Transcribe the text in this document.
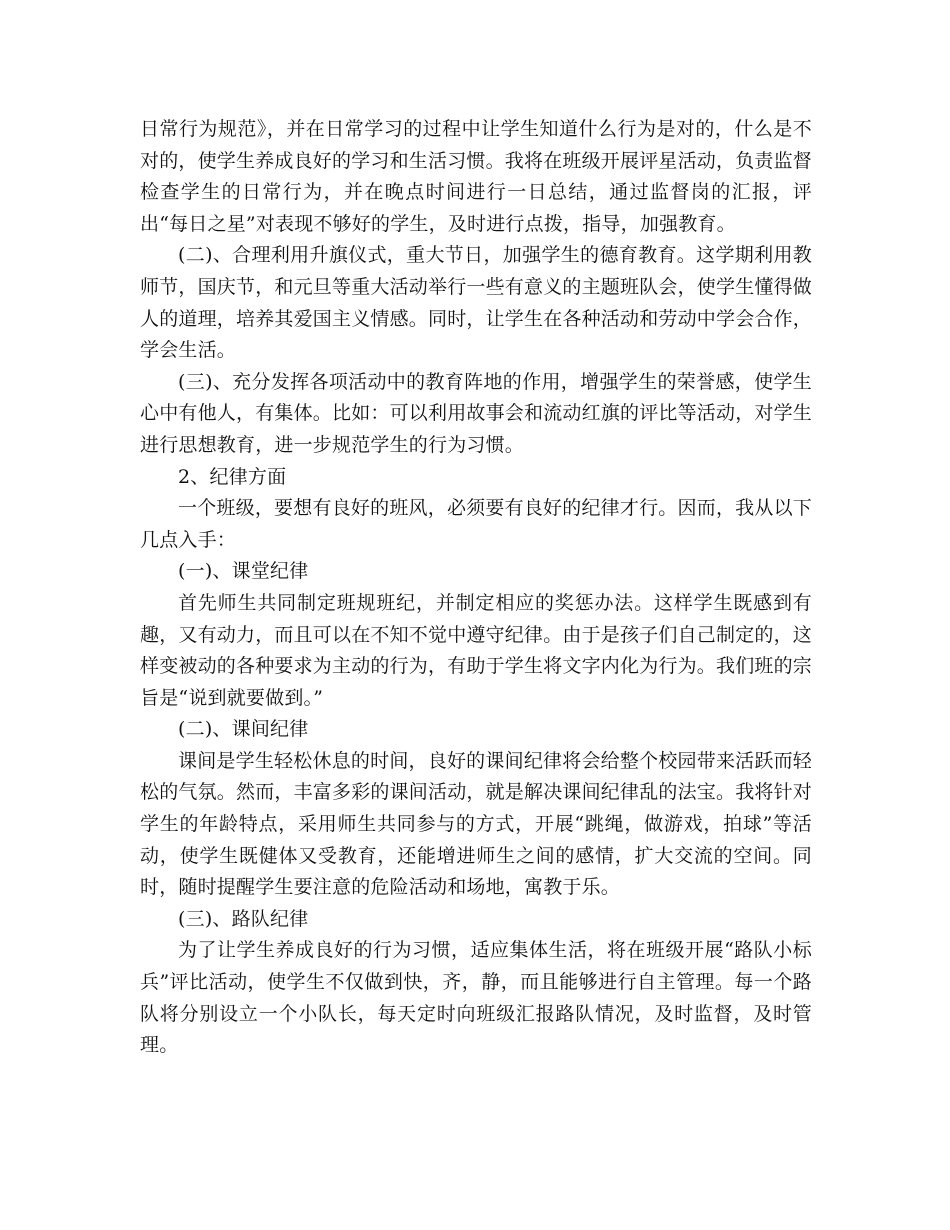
日常行为规范》，并在日常学习的过程中让学生知道什么行为是对的，什么是不对的，使学生养成良好的学习和生活习惯。我将在班级开展评星活动，负责监督检查学生的日常行为，并在晚点时间进行一日总结，通过监督岗的汇报，评出“每日之星”对表现不够好的学生，及时进行点拨，指导，加强教育。

(二)、合理利用升旗仪式，重大节日，加强学生的德育教育。这学期利用教师节，国庆节，和元旦等重大活动举行一些有意义的主题班队会，使学生懂得做人的道理，培养其爱国主义情感。同时，让学生在各种活动和劳动中学会合作，学会生活。

(三)、充分发挥各项活动中的教育阵地的作用，增强学生的荣誉感，使学生心中有他人，有集体。比如：可以利用故事会和流动红旗的评比等活动，对学生进行思想教育，进一步规范学生的行为习惯。

2、纪律方面

一个班级，要想有良好的班风，必须要有良好的纪律才行。因而，我从以下几点入手：

(一)、课堂纪律

首先师生共同制定班规班纪，并制定相应的奖惩办法。这样学生既感到有趣，又有动力，而且可以在不知不觉中遵守纪律。由于是孩子们自己制定的，这样变被动的各种要求为主动的行为，有助于学生将文字内化为行为。我们班的宗旨是“说到就要做到。”

(二)、课间纪律

课间是学生轻松休息的时间，良好的课间纪律将会给整个校园带来活跃而轻松的气氛。然而，丰富多彩的课间活动，就是解决课间纪律乱的法宝。我将针对学生的年龄特点，采用师生共同参与的方式，开展“跳绳，做游戏，拍球”等活动，使学生既健体又受教育，还能增进师生之间的感情，扩大交流的空间。同时，随时提醒学生要注意的危险活动和场地，寓教于乐。

(三)、路队纪律

为了让学生养成良好的行为习惯，适应集体生活，将在班级开展“路队小标兵”评比活动，使学生不仅做到快，齐，静，而且能够进行自主管理。每一个路队将分别设立一个小队长，每天定时向班级汇报路队情况，及时监督，及时管理。
